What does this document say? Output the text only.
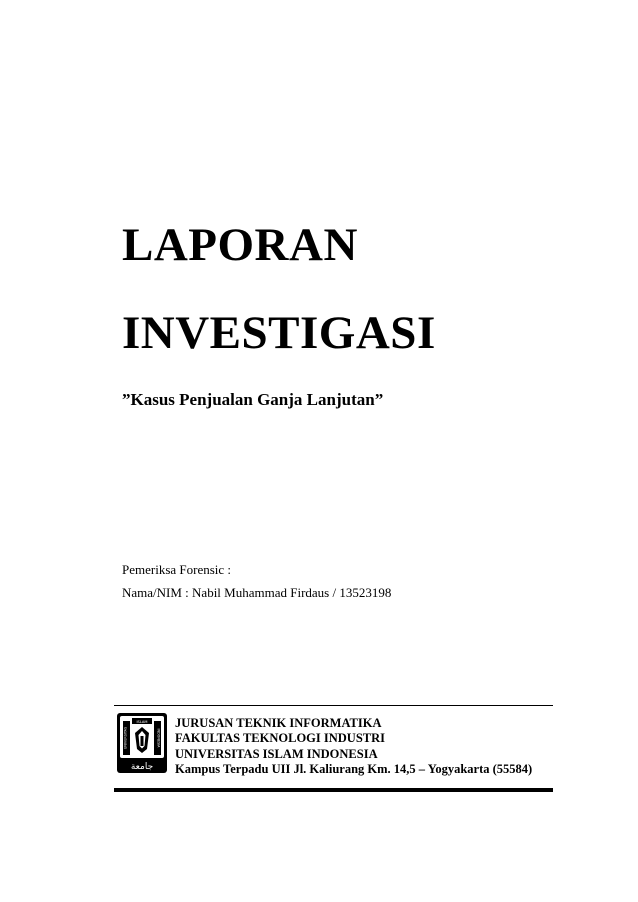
LAPORAN
INVESTIGASI

”Kasus Penjualan Ganja Lanjutan”

Pemeriksa Forensic :

Nama/NIM : Nabil Muhammad Firdaus / 13523198

UNIVERSITAS	INDONESIA
ISLAM
جامعة
JURUSAN TEKNIK INFORMATIKA
FAKULTAS TEKNOLOGI INDUSTRI
UNIVERSITAS ISLAM INDONESIA
Kampus Terpadu UII Jl. Kaliurang Km. 14,5 – Yogyakarta (55584)
